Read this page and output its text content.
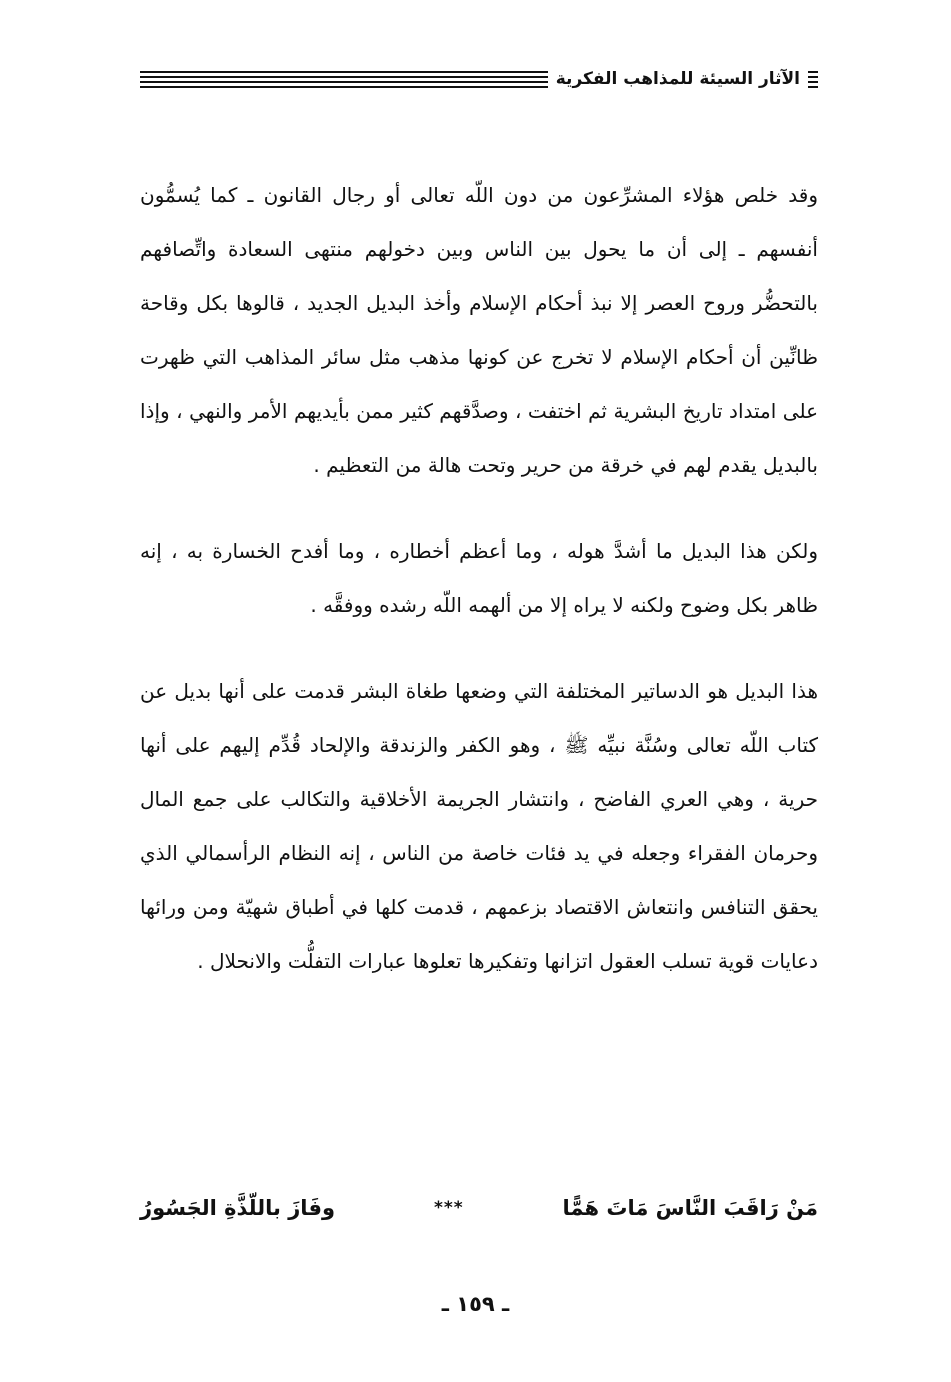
الآثار السيئة للمذاهب الفكرية

وقد خلص هؤلاء المشرِّعون من دون اللّه تعالى أو رجال القانون ـ كما يُسمُّون أنفسهم ـ إلى أن ما يحول بين الناس وبين دخولهم منتهى السعادة واتِّصافهم بالتحضُّر وروح العصر إلا نبذ أحكام الإسلام وأخذ البديل الجديد ، قالوها بكل وقاحة ظانِّين أن أحكام الإسلام لا تخرج عن كونها مذهب مثل سائر المذاهب التي ظهرت على امتداد تاريخ البشرية ثم اختفت ، وصدَّقهم كثير ممن بأيديهم الأمر والنهي ، وإذا بالبديل يقدم لهم في خرقة من حرير وتحت هالة من التعظيم .

ولكن هذا البديل ما أشدَّ هوله ، وما أعظم أخطاره ، وما أفدح الخسارة به ، إنه ظاهر بكل وضوح ولكنه لا يراه إلا من ألهمه اللّه رشده ووفقَّه .

هذا البديل هو الدساتير المختلفة التي وضعها طغاة البشر قدمت على أنها بديل عن كتاب اللّه تعالى وسُنَّة نبيِّه ﷺ ، وهو الكفر والزندقة والإلحاد قُدِّم إليهم على أنها حرية ، وهي العري الفاضح ، وانتشار الجريمة الأخلاقية والتكالب على جمع المال وحرمان الفقراء وجعله في يد فئات خاصة من الناس ، إنه النظام الرأسمالي الذي يحقق التنافس وانتعاش الاقتصاد بزعمهم ، قدمت كلها في أطباق شهيّة ومن ورائها دعايات قوية تسلب العقول اتزانها وتفكيرها تعلوها عبارات التفلُّت والانحلال .

مَنْ رَاقَبَ النَّاسَ مَاتَ هَمًّا
***
وفَازَ باللّذَّةِ الجَسُورُ
ـ ١٥٩ ـ
